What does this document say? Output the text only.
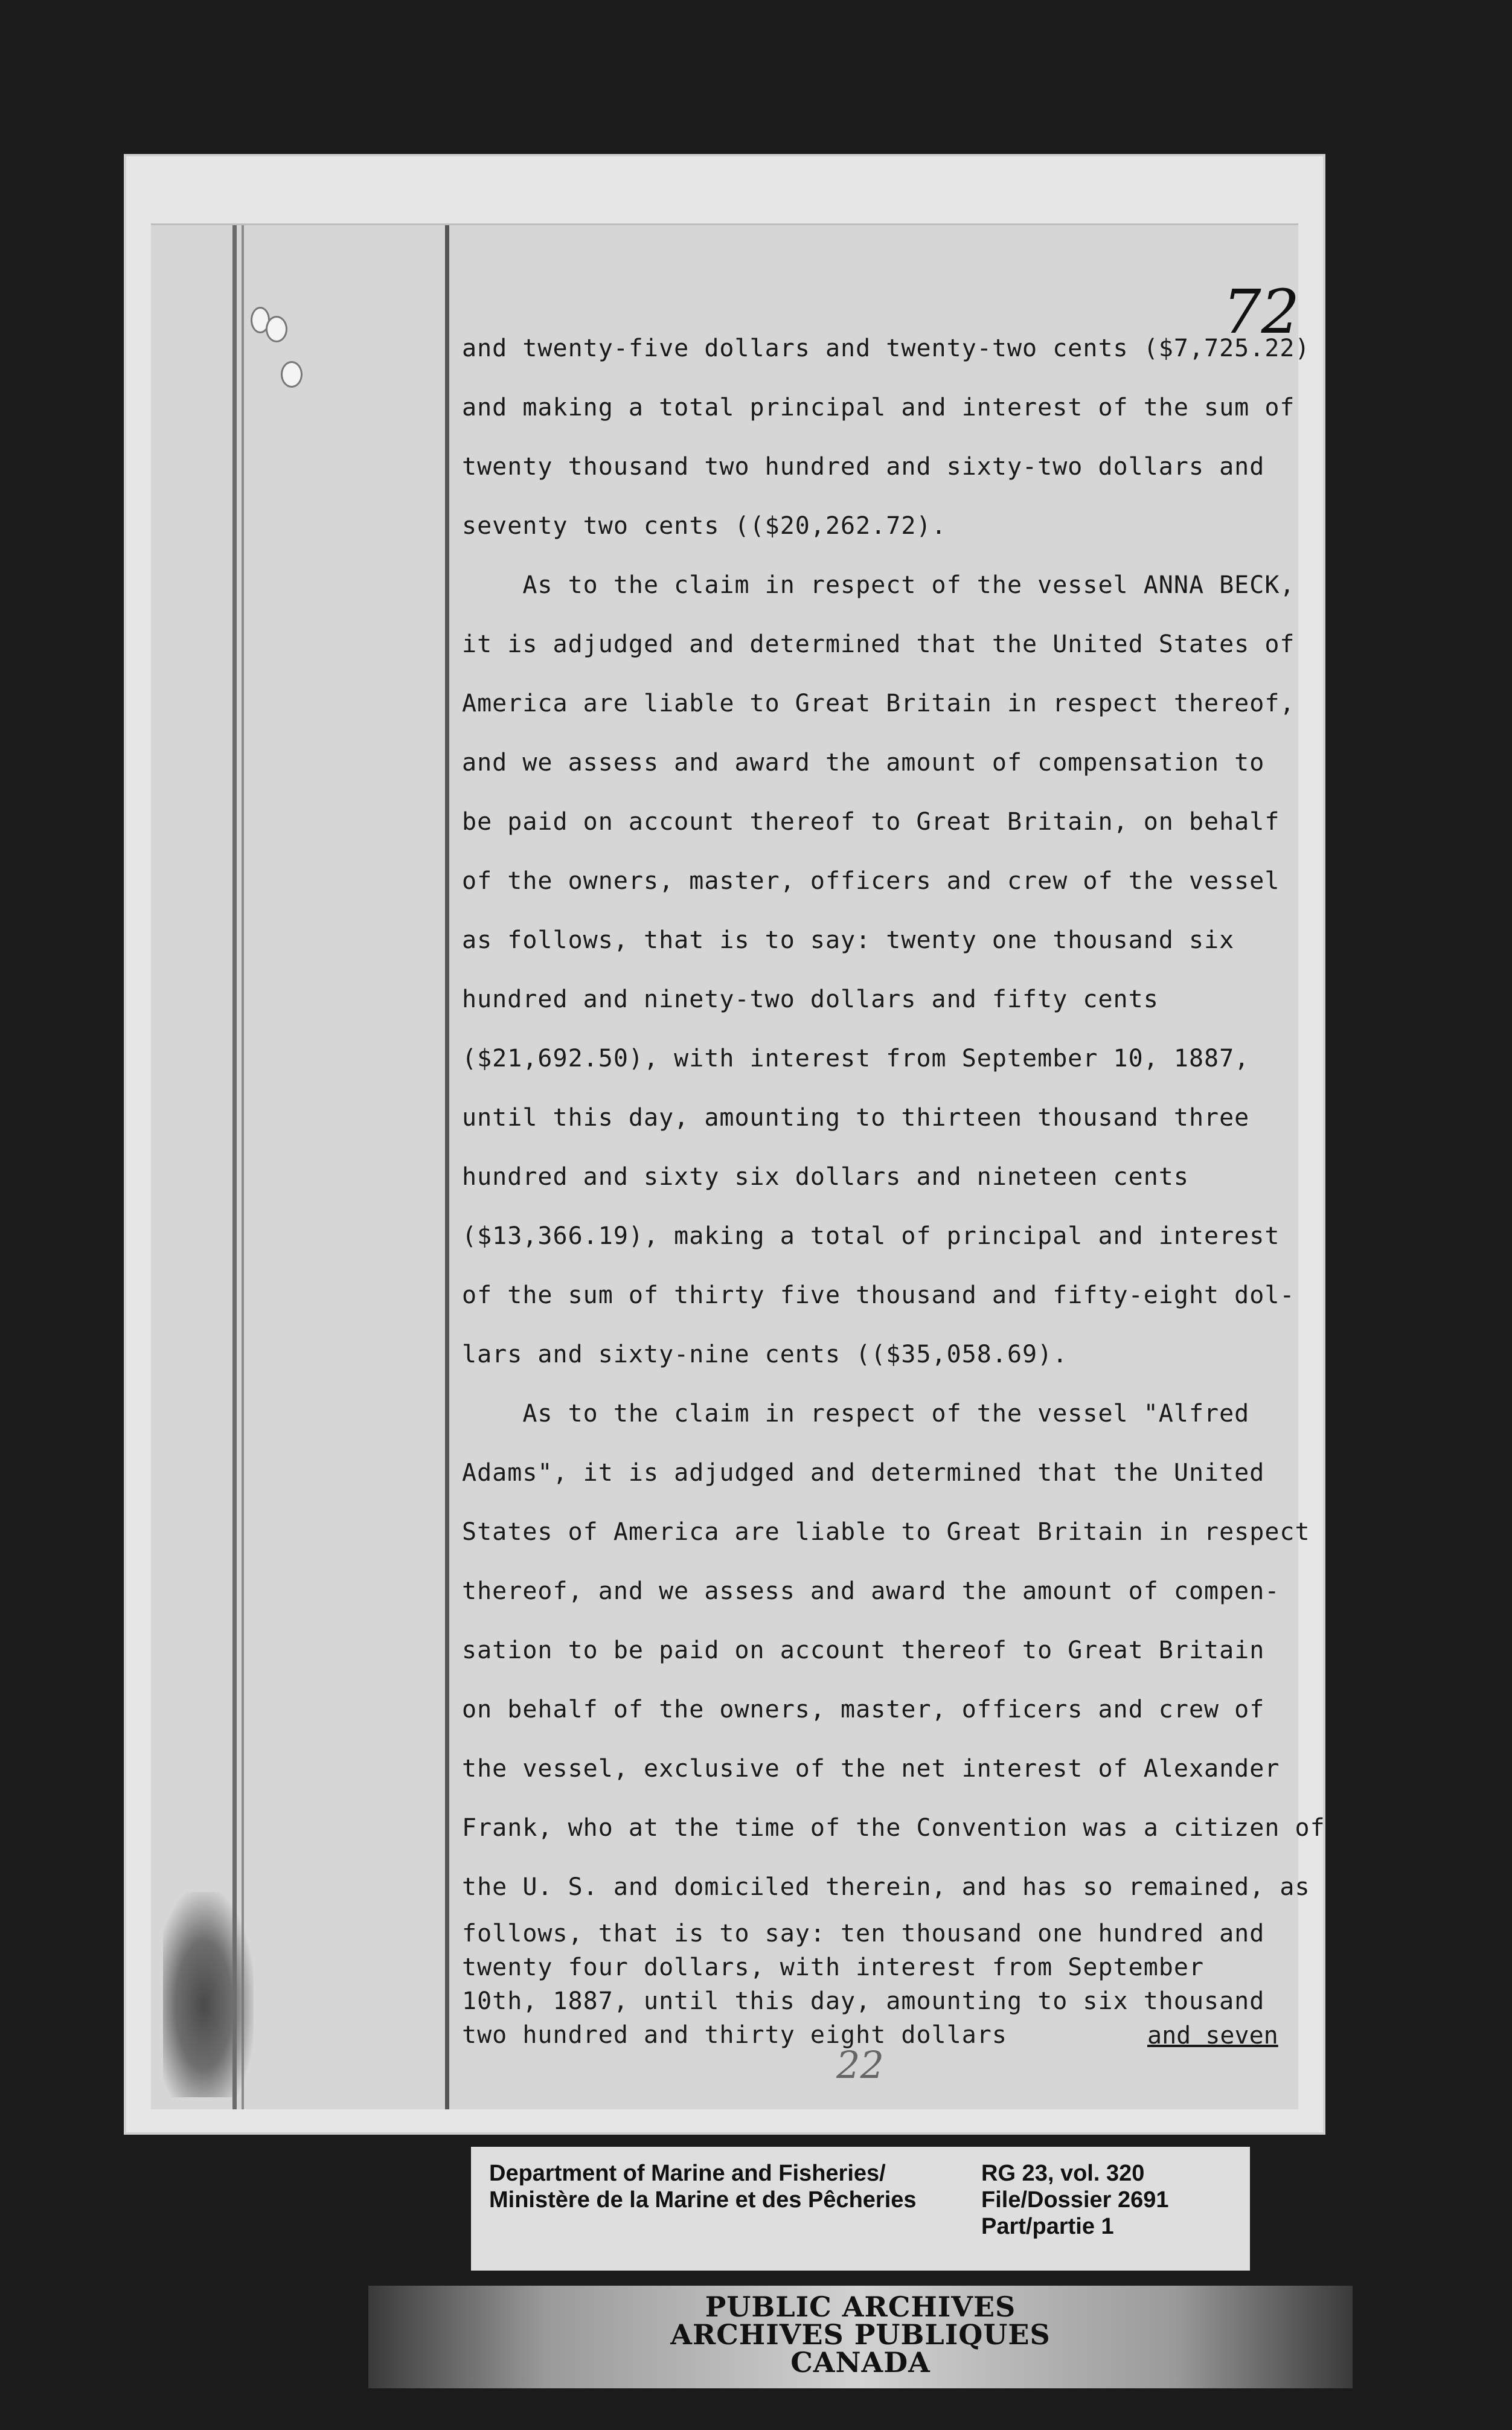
72
and twenty-five dollars and twenty-two cents ($7,725.22)
and making a total principal and interest of the sum of
twenty thousand two hundred and sixty-two dollars and
seventy two cents (($20,262.72).
As to the claim in respect of the vessel ANNA BECK,
it is adjudged and determined that the United States of
America are liable to Great Britain in respect thereof,
and we assess and award the amount of compensation to
be paid on account thereof to Great Britain, on behalf
of the owners, master, officers and crew of the vessel
as follows, that is to say: twenty one thousand six
hundred and ninety-two dollars and fifty cents
($21,692.50), with interest from September 10, 1887,
until this day, amounting to thirteen thousand three
hundred and sixty six dollars and nineteen cents
($13,366.19), making a total of principal and interest
of the sum of thirty five thousand and fifty-eight dol-
lars and sixty-nine cents (($35,058.69).
As to the claim in respect of the vessel "Alfred
Adams", it is adjudged and determined that the United
States of America are liable to Great Britain in respect
thereof, and we assess and award the amount of compen-
sation to be paid on account thereof to Great Britain
on behalf of the owners, master, officers and crew of
the vessel, exclusive of the net interest of Alexander
Frank, who at the time of the Convention was a citizen of
the U. S. and domiciled therein, and has so remained, as
follows, that is to say: ten thousand one hundred and
twenty four dollars, with interest from September
10th, 1887, until this day, amounting to six thousand
two hundred and thirty eight dollars	and seven
22
Department of Marine and Fisheries/
Ministère de la Marine et des Pêcheries
RG 23, vol. 320
File/Dossier 2691
Part/partie 1
PUBLIC ARCHIVES
ARCHIVES PUBLIQUES
CANADA
